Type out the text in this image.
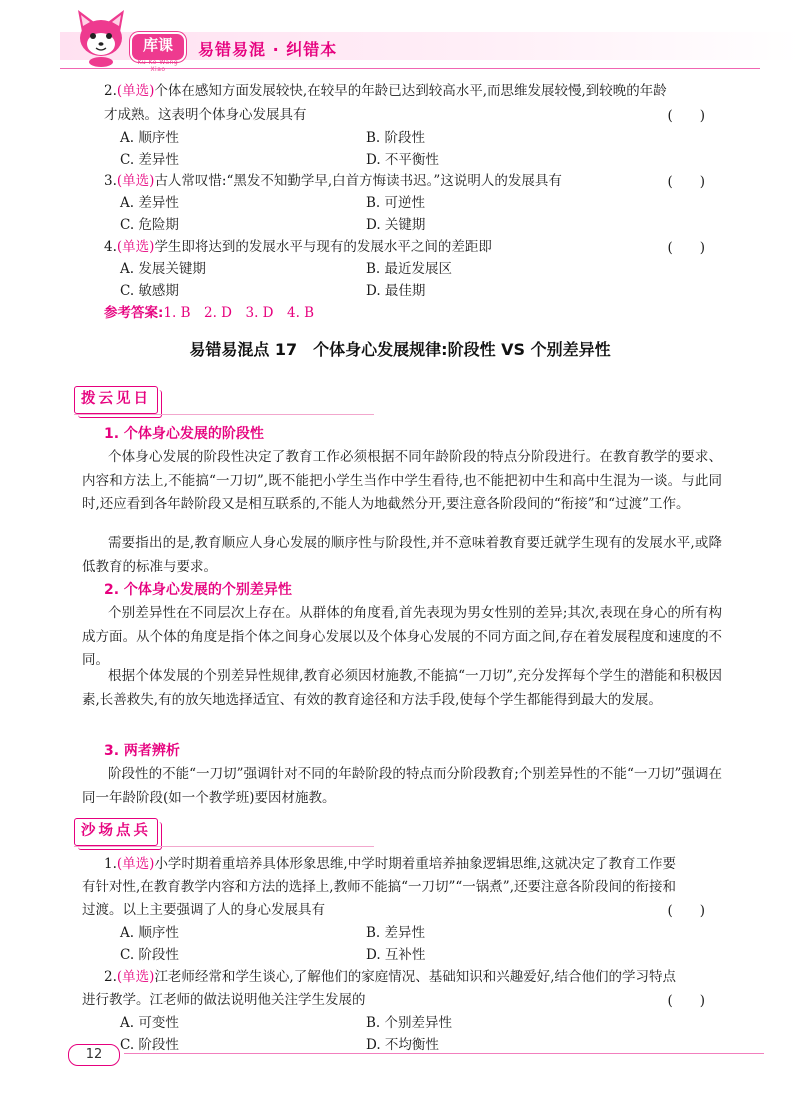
库课
Ku Ke Wang Xiao
易错易混 · 纠错本
2.(单选)个体在感知方面发展较快,在较早的年龄已达到较高水平,而思维发展较慢,到较晚的年龄
才成熟。这表明个体身心发展具有	(　　)
A. 顺序性	B. 阶段性
C. 差异性	D. 不平衡性
3.(单选)古人常叹惜:“黑发不知勤学早,白首方悔读书迟。”这说明人的发展具有	(　　)
A. 差异性	B. 可逆性
C. 危险期	D. 关键期
4.(单选)学生即将达到的发展水平与现有的发展水平之间的差距即	(　　)
A. 发展关键期	B. 最近发展区
C. 敏感期	D. 最佳期
参考答案:1. B　2. D　3. D　4. B
易错易混点 17　个体身心发展规律:阶段性 VS 个别差异性
拨云见日
1. 个体身心发展的阶段性
个体身心发展的阶段性决定了教育工作必须根据不同年龄阶段的特点分阶段进行。在教育教学的要求、内容和方法上,不能搞“一刀切”,既不能把小学生当作中学生看待,也不能把初中生和高中生混为一谈。与此同时,还应看到各年龄阶段又是相互联系的,不能人为地截然分开,要注意各阶段间的“衔接”和“过渡”工作。
需要指出的是,教育顺应人身心发展的顺序性与阶段性,并不意味着教育要迁就学生现有的发展水平,或降低教育的标准与要求。
2. 个体身心发展的个别差异性
个别差异性在不同层次上存在。从群体的角度看,首先表现为男女性别的差异;其次,表现在身心的所有构成方面。从个体的角度是指个体之间身心发展以及个体身心发展的不同方面之间,存在着发展程度和速度的不同。
根据个体发展的个别差异性规律,教育必须因材施教,不能搞“一刀切”,充分发挥每个学生的潜能和积极因素,长善救失,有的放矢地选择适宜、有效的教育途径和方法手段,使每个学生都能得到最大的发展。
3. 两者辨析
阶段性的不能“一刀切”强调针对不同的年龄阶段的特点而分阶段教育;个别差异性的不能“一刀切”强调在同一年龄阶段(如一个教学班)要因材施教。
沙场点兵
1.(单选)小学时期着重培养具体形象思维,中学时期着重培养抽象逻辑思维,这就决定了教育工作要
有针对性,在教育教学内容和方法的选择上,教师不能搞“一刀切”“一锅煮”,还要注意各阶段间的衔接和
过渡。以上主要强调了人的身心发展具有	(　　)
A. 顺序性	B. 差异性
C. 阶段性	D. 互补性
2.(单选)江老师经常和学生谈心,了解他们的家庭情况、基础知识和兴趣爱好,结合他们的学习特点
进行教学。江老师的做法说明他关注学生发展的	(　　)
A. 可变性	B. 个别差异性
C. 阶段性	D. 不均衡性
12
